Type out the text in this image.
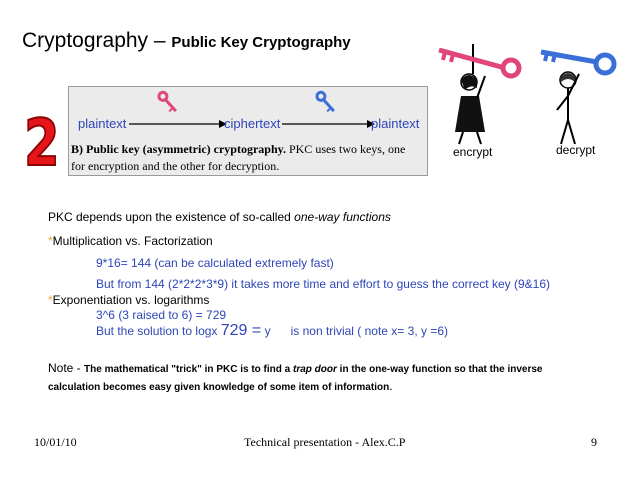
Cryptography – Public Key Cryptography
2 plaintext	ciphertext	plaintext
B) Public key (asymmetric) cryptography. PKC uses two keys, one for encryption and the other for decryption.
encrypt	decrypt
PKC depends upon the existence of so-called one-way functions
*Multiplication vs. Factorization
9*16= 144 (can be calculated extremely fast)
But from 144 (2*2*2*3*9) it takes more time and effort to guess the correct key (9&16)
*Exponentiation vs. logarithms
3^6 (3 raised to 6) = 729
But the solution to logx 729 = y is non trivial ( note x= 3, y =6)
Note - The mathematical "trick" in PKC is to find a trap door in the one-way function so that the inverse calculation becomes easy given knowledge of some item of information.
10/01/10	Technical presentation - Alex.C.P	9
